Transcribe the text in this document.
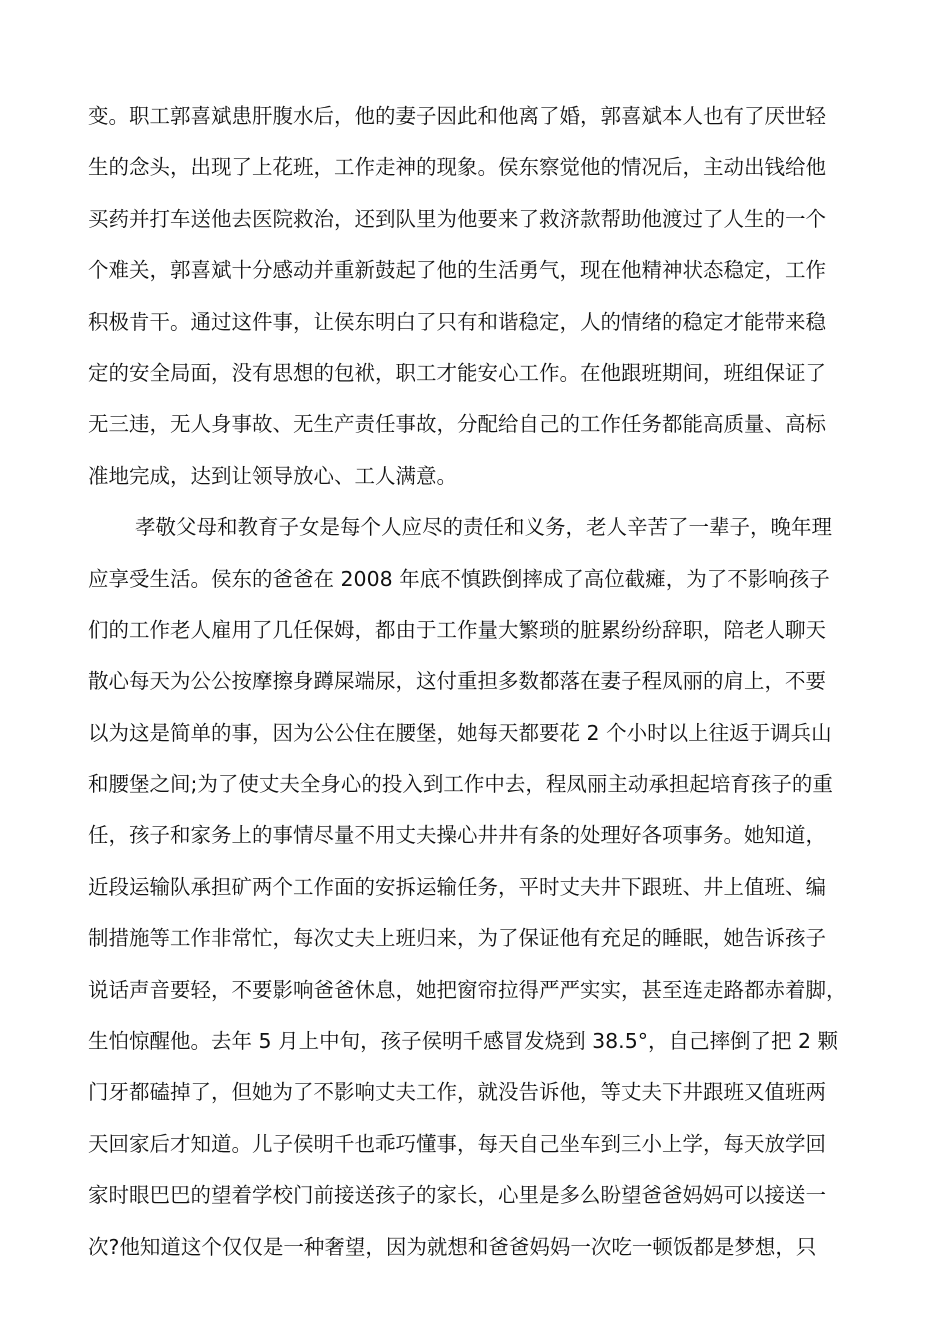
变。职工郭喜斌患肝腹水后，他的妻子因此和他离了婚，郭喜斌本人也有了厌世轻
生的念头，出现了上花班，工作走神的现象。侯东察觉他的情况后，主动出钱给他
买药并打车送他去医院救治，还到队里为他要来了救济款帮助他渡过了人生的一个
个难关，郭喜斌十分感动并重新鼓起了他的生活勇气，现在他精神状态稳定，工作
积极肯干。通过这件事，让侯东明白了只有和谐稳定，人的情绪的稳定才能带来稳
定的安全局面，没有思想的包袱，职工才能安心工作。在他跟班期间，班组保证了
无三违，无人身事故、无生产责任事故，分配给自己的工作任务都能高质量、高标
准地完成，达到让领导放心、工人满意。
孝敬父母和教育子女是每个人应尽的责任和义务，老人辛苦了一辈子，晚年理
应享受生活。侯东的爸爸在 2008 年底不慎跌倒摔成了高位截瘫，为了不影响孩子
们的工作老人雇用了几任保姆，都由于工作量大繁琐的脏累纷纷辞职，陪老人聊天
散心每天为公公按摩擦身蹲屎端尿，这付重担多数都落在妻子程凤丽的肩上，不要
以为这是简单的事，因为公公住在腰堡，她每天都要花 2 个小时以上往返于调兵山
和腰堡之间;为了使丈夫全身心的投入到工作中去，程凤丽主动承担起培育孩子的重
任，孩子和家务上的事情尽量不用丈夫操心井井有条的处理好各项事务。她知道，
近段运输队承担矿两个工作面的安拆运输任务，平时丈夫井下跟班、井上值班、编
制措施等工作非常忙，每次丈夫上班归来，为了保证他有充足的睡眠，她告诉孩子
说话声音要轻，不要影响爸爸休息，她把窗帘拉得严严实实，甚至连走路都赤着脚，
生怕惊醒他。去年 5 月上中旬，孩子侯明千感冒发烧到 38.5°，自己摔倒了把 2 颗
门牙都磕掉了，但她为了不影响丈夫工作，就没告诉他，等丈夫下井跟班又值班两
天回家后才知道。儿子侯明千也乖巧懂事，每天自己坐车到三小上学，每天放学回
家时眼巴巴的望着学校门前接送孩子的家长，心里是多么盼望爸爸妈妈可以接送一
次?他知道这个仅仅是一种奢望，因为就想和爸爸妈妈一次吃一顿饭都是梦想，只
